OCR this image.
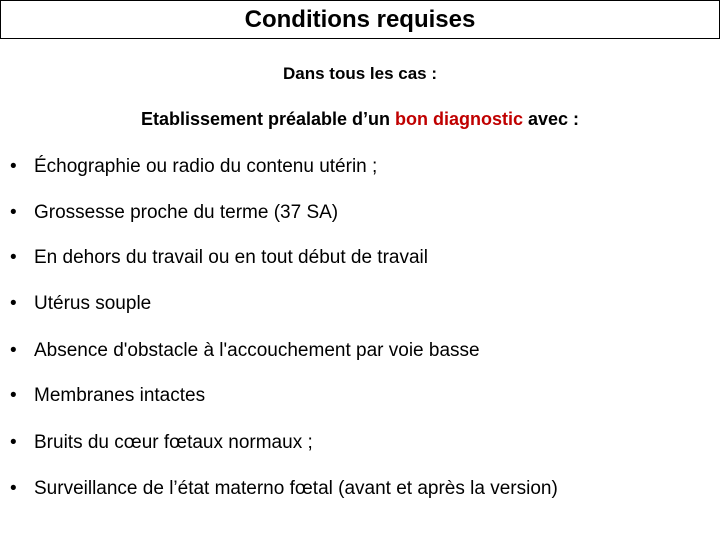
Conditions requises
Dans tous les cas :
Etablissement préalable d’un bon diagnostic avec :
• Échographie ou radio du contenu utérin ;
• Grossesse proche du terme (37 SA)
• En dehors du travail ou en tout début de travail
• Utérus souple
• Absence d'obstacle à l'accouchement par voie basse
• Membranes intactes
• Bruits du cœur fœtaux normaux ;
• Surveillance de l’état materno fœtal (avant et après la version)
